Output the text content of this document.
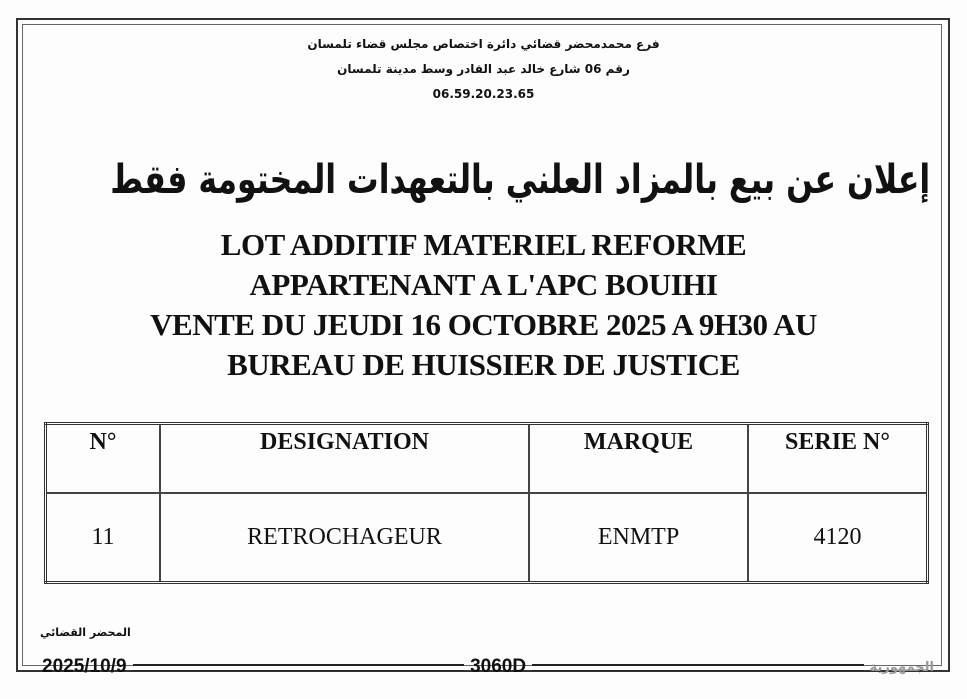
فرع محمدمحضر قضائي دائرة اختصاص مجلس قضاء تلمسان
رقم 06 شارع خالد عبد القادر وسط مدينة تلمسان
06.59.20.23.65
إعلان عن بيع بالمزاد العلني بالتعهدات المختومة فقط
LOT ADDITIF MATERIEL REFORME
APPARTENANT A L'APC BOUIHI
VENTE DU JEUDI 16 OCTOBRE 2025 A 9H30 AU
BUREAU DE HUISSIER DE JUSTICE
N°	DESIGNATION	MARQUE	SERIE N°
11	RETROCHAGEUR	ENMTP	4120
المحضر القضائي
2025/10/9	3060D	الجمهورية
